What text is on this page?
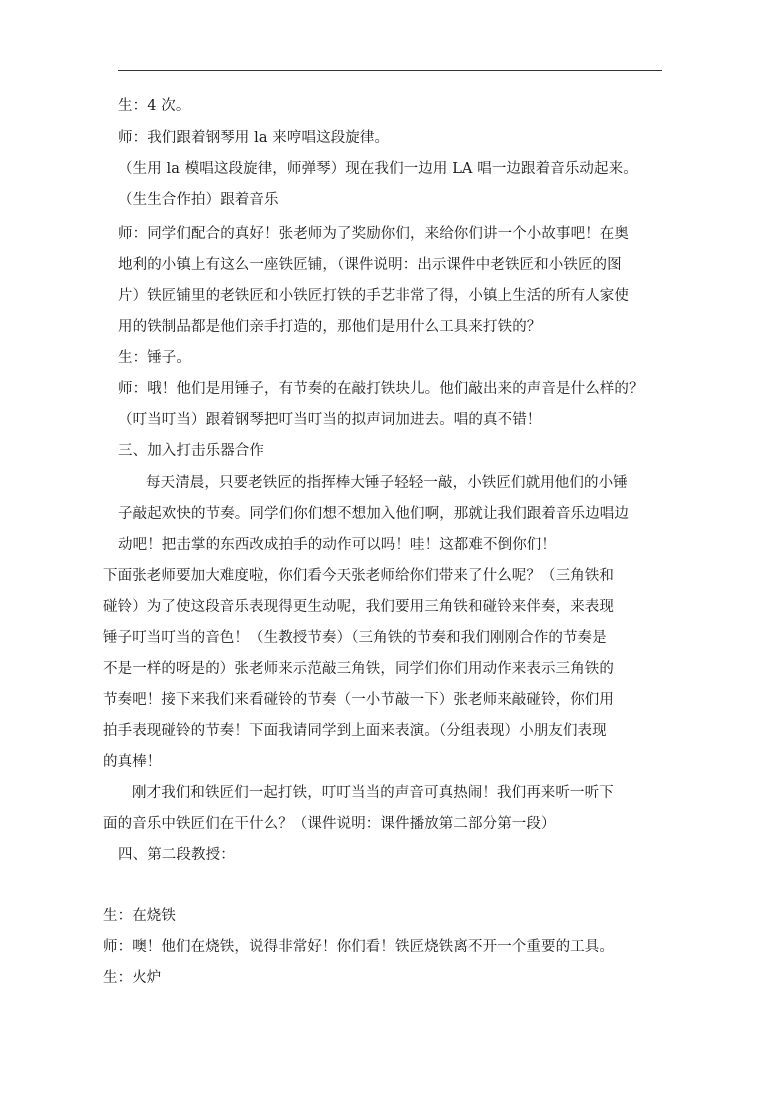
生：4 次。
师：我们跟着钢琴用 la 来哼唱这段旋律。
（生用 la 模唱这段旋律，师弹琴）现在我们一边用 LA 唱一边跟着音乐动起来。
（生生合作拍）跟着音乐
师：同学们配合的真好！张老师为了奖励你们，来给你们讲一个小故事吧！在奥
地利的小镇上有这么一座铁匠铺，（课件说明：出示课件中老铁匠和小铁匠的图
片）铁匠铺里的老铁匠和小铁匠打铁的手艺非常了得，小镇上生活的所有人家使
用的铁制品都是他们亲手打造的，那他们是用什么工具来打铁的？
生：锤子。
师：哦！他们是用锤子，有节奏的在敲打铁块儿。他们敲出来的声音是什么样的？
（叮当叮当）跟着钢琴把叮当叮当的拟声词加进去。唱的真不错！
三、加入打击乐器合作
每天清晨，只要老铁匠的指挥棒大锤子轻轻一敲，小铁匠们就用他们的小锤
子敲起欢快的节奏。同学们你们想不想加入他们啊，那就让我们跟着音乐边唱边
动吧！把击掌的东西改成拍手的动作可以吗！哇！这都难不倒你们！
下面张老师要加大难度啦，你们看今天张老师给你们带来了什么呢？（三角铁和
碰铃）为了使这段音乐表现得更生动呢，我们要用三角铁和碰铃来伴奏，来表现
锤子叮当叮当的音色！（生教授节奏）（三角铁的节奏和我们刚刚合作的节奏是
不是一样的呀是的）张老师来示范敲三角铁，同学们你们用动作来表示三角铁的
节奏吧！接下来我们来看碰铃的节奏（一小节敲一下）张老师来敲碰铃，你们用
拍手表现碰铃的节奏！下面我请同学到上面来表演。（分组表现）小朋友们表现
的真棒！
刚才我们和铁匠们一起打铁，叮叮当当的声音可真热闹！我们再来听一听下
面的音乐中铁匠们在干什么？（课件说明：课件播放第二部分第一段）
四、第二段教授：
生：在烧铁
师：噢！他们在烧铁，说得非常好！你们看！铁匠烧铁离不开一个重要的工具。
生：火炉
